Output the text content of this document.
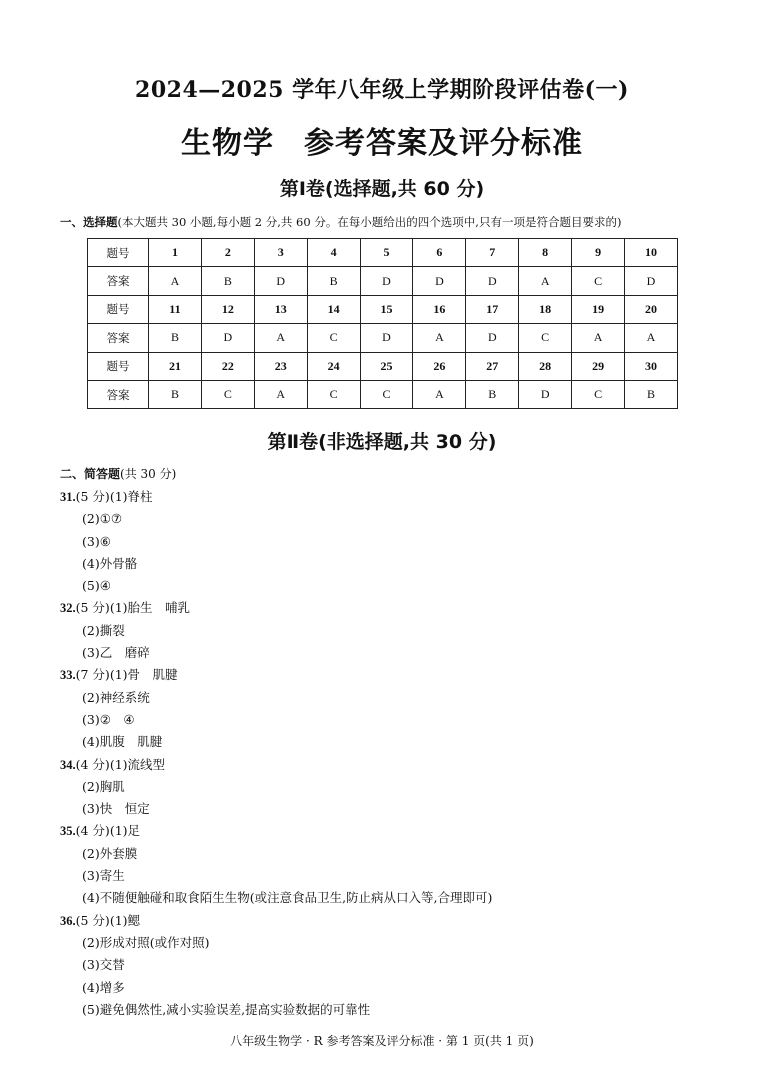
2024—2025 学年八年级上学期阶段评估卷(一)
生物学 参考答案及评分标准
第Ⅰ卷(选择题,共 60 分)
一、选择题(本大题共 30 小题,每小题 2 分,共 60 分。在每小题给出的四个选项中,只有一项是符合题目要求的)
题号	1	2	3	4	5	6	7	8	9	10
答案	A	B	D	B	D	D	D	A	C	D
题号	11	12	13	14	15	16	17	18	19	20
答案	B	D	A	C	D	A	D	C	A	A
题号	21	22	23	24	25	26	27	28	29	30
答案	B	C	A	C	C	A	B	D	C	B
第Ⅱ卷(非选择题,共 30 分)
二、简答题(共 30 分)
31.(5 分)(1)脊柱
(2)①⑦
(3)⑥
(4)外骨骼
(5)④
32.(5 分)(1)胎生　哺乳
(2)撕裂
(3)乙　磨碎
33.(7 分)(1)骨　肌腱
(2)神经系统
(3)②　④
(4)肌腹　肌腱
34.(4 分)(1)流线型
(2)胸肌
(3)快　恒定
35.(4 分)(1)足
(2)外套膜
(3)寄生
(4)不随便触碰和取食陌生生物(或注意食品卫生,防止病从口入等,合理即可)
36.(5 分)(1)鳃
(2)形成对照(或作对照)
(3)交替
(4)增多
(5)避免偶然性,减小实验误差,提高实验数据的可靠性
八年级生物学 · R 参考答案及评分标准 · 第 1 页(共 1 页)
